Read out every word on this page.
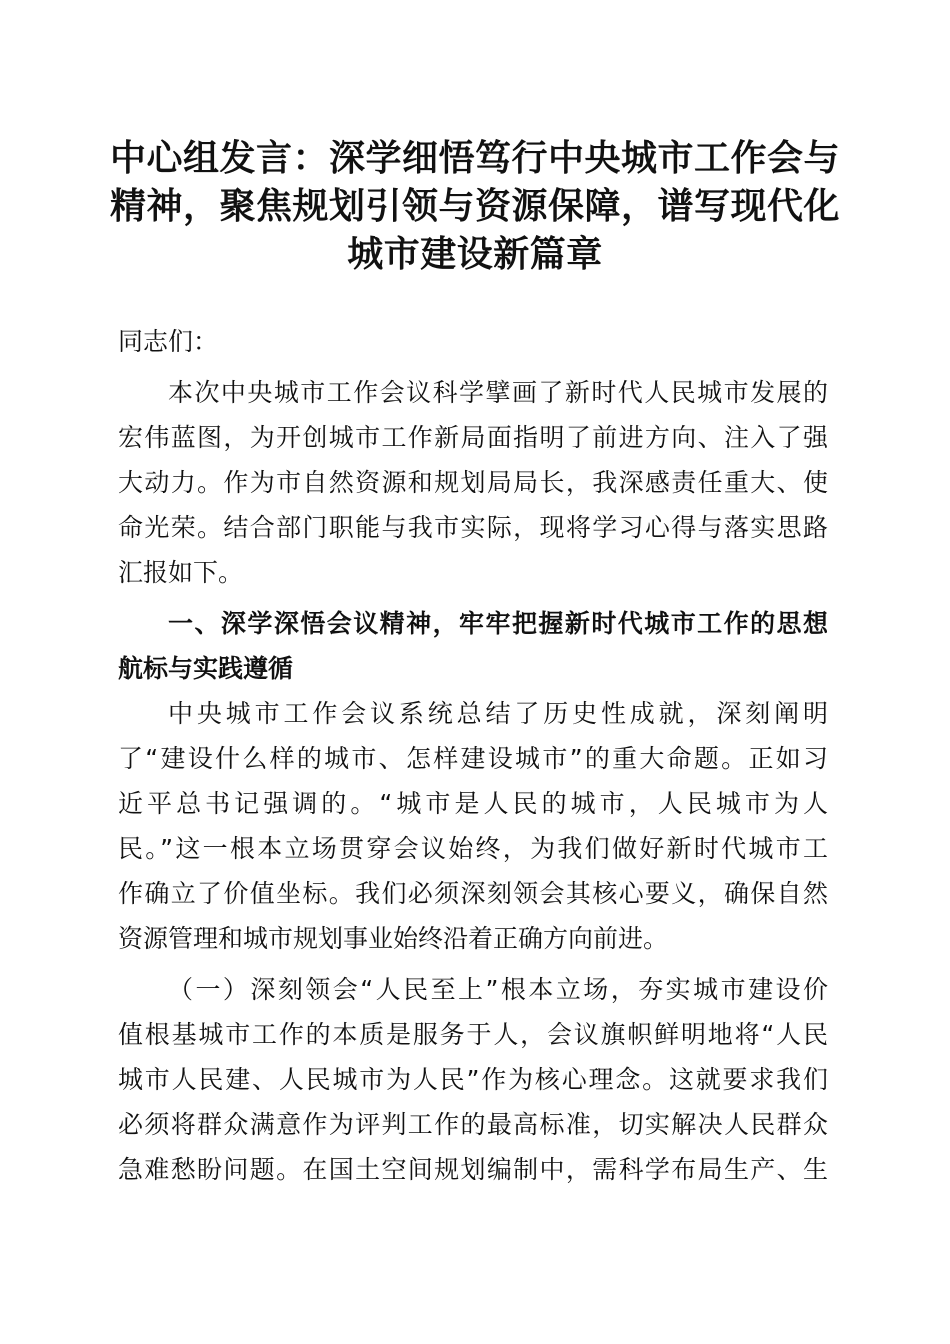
中心组发言：深学细悟笃行中央城市工作会与
精神，聚焦规划引领与资源保障，谱写现代化
城市建设新篇章
同志们：
本次中央城市工作会议科学擘画了新时代人民城市发展的
宏伟蓝图，为开创城市工作新局面指明了前进方向、注入了强
大动力。作为市自然资源和规划局局长，我深感责任重大、使
命光荣。结合部门职能与我市实际，现将学习心得与落实思路
汇报如下。
一、深学深悟会议精神，牢牢把握新时代城市工作的思想
航标与实践遵循
中央城市工作会议系统总结了历史性成就，深刻阐明
了“建设什么样的城市、怎样建设城市”的重大命题。正如习
近平总书记强调的。“城市是人民的城市，人民城市为人
民。”这一根本立场贯穿会议始终，为我们做好新时代城市工
作确立了价值坐标。我们必须深刻领会其核心要义，确保自然
资源管理和城市规划事业始终沿着正确方向前进。
（一）深刻领会“人民至上”根本立场，夯实城市建设价
值根基城市工作的本质是服务于人，会议旗帜鲜明地将“人民
城市人民建、人民城市为人民”作为核心理念。这就要求我们
必须将群众满意作为评判工作的最高标准，切实解决人民群众
急难愁盼问题。在国土空间规划编制中，需科学布局生产、生
